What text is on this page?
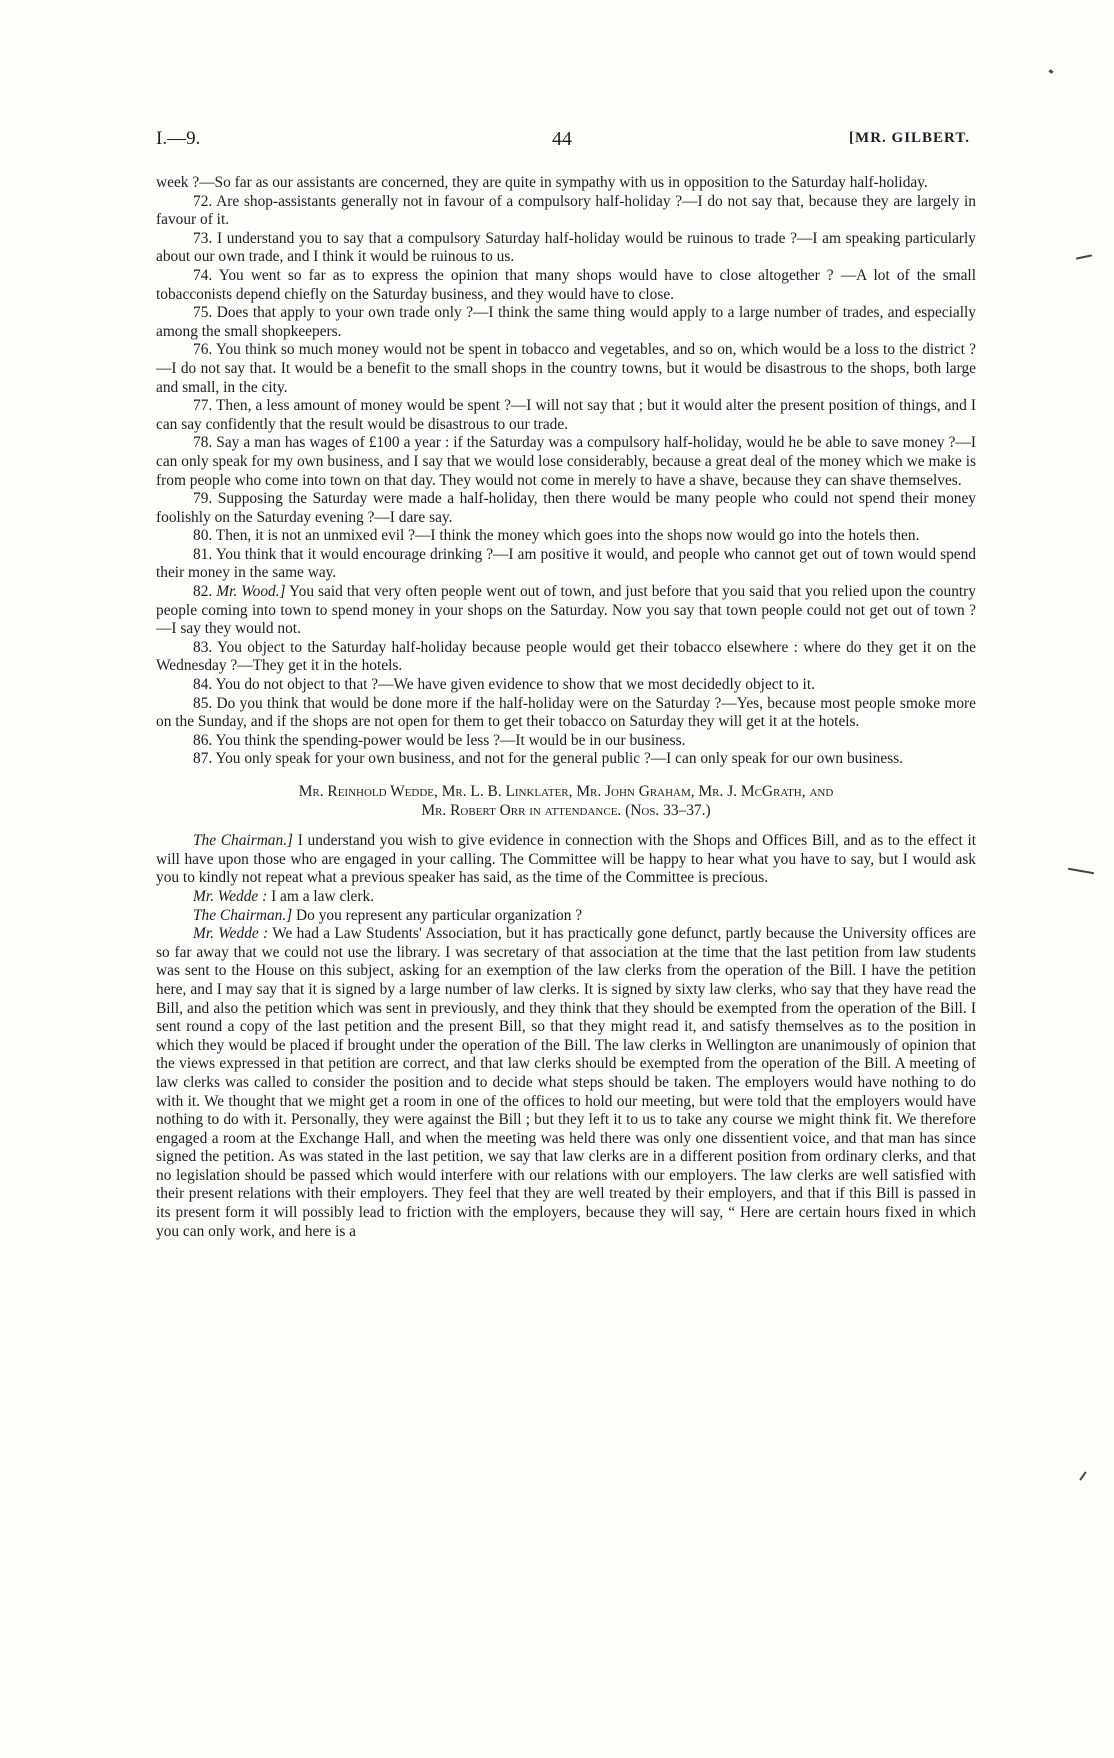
I.—9.	44	[MR. GILBERT.

week ?—So far as our assistants are concerned, they are quite in sympathy with us in opposition to the Saturday half-holiday.

72. Are shop-assistants generally not in favour of a compulsory half-holiday ?—I do not say that, because they are largely in favour of it.

73. I understand you to say that a compulsory Saturday half-holiday would be ruinous to trade ?—I am speaking particularly about our own trade, and I think it would be ruinous to us.

74. You went so far as to express the opinion that many shops would have to close altogether ? —A lot of the small tobacconists depend chiefly on the Saturday business, and they would have to close.

75. Does that apply to your own trade only ?—I think the same thing would apply to a large number of trades, and especially among the small shopkeepers.

76. You think so much money would not be spent in tobacco and vegetables, and so on, which would be a loss to the district ?—I do not say that. It would be a benefit to the small shops in the country towns, but it would be disastrous to the shops, both large and small, in the city.

77. Then, a less amount of money would be spent ?—I will not say that ; but it would alter the present position of things, and I can say confidently that the result would be disastrous to our trade.

78. Say a man has wages of £100 a year : if the Saturday was a compulsory half-holiday, would he be able to save money ?—I can only speak for my own business, and I say that we would lose considerably, because a great deal of the money which we make is from people who come into town on that day. They would not come in merely to have a shave, because they can shave themselves.

79. Supposing the Saturday were made a half-holiday, then there would be many people who could not spend their money foolishly on the Saturday evening ?—I dare say.

80. Then, it is not an unmixed evil ?—I think the money which goes into the shops now would go into the hotels then.

81. You think that it would encourage drinking ?—I am positive it would, and people who cannot get out of town would spend their money in the same way.

82. Mr. Wood.] You said that very often people went out of town, and just before that you said that you relied upon the country people coming into town to spend money in your shops on the Saturday. Now you say that town people could not get out of town ?—I say they would not.

83. You object to the Saturday half-holiday because people would get their tobacco elsewhere : where do they get it on the Wednesday ?—They get it in the hotels.

84. You do not object to that ?—We have given evidence to show that we most decidedly object to it.

85. Do you think that would be done more if the half-holiday were on the Saturday ?—Yes, because most people smoke more on the Sunday, and if the shops are not open for them to get their tobacco on Saturday they will get it at the hotels.

86. You think the spending-power would be less ?—It would be in our business.

87. You only speak for your own business, and not for the general public ?—I can only speak for our own business.

Mr. Reinhold Wedde, Mr. L. B. Linklater, Mr. John Graham, Mr. J. McGrath, and
Mr. Robert Orr in attendance. (Nos. 33–37.)

The Chairman.] I understand you wish to give evidence in connection with the Shops and Offices Bill, and as to the effect it will have upon those who are engaged in your calling. The Committee will be happy to hear what you have to say, but I would ask you to kindly not repeat what a previous speaker has said, as the time of the Committee is precious.

Mr. Wedde : I am a law clerk.

The Chairman.] Do you represent any particular organization ?

Mr. Wedde : We had a Law Students' Association, but it has practically gone defunct, partly because the University offices are so far away that we could not use the library. I was secretary of that association at the time that the last petition from law students was sent to the House on this subject, asking for an exemption of the law clerks from the operation of the Bill. I have the petition here, and I may say that it is signed by a large number of law clerks. It is signed by sixty law clerks, who say that they have read the Bill, and also the petition which was sent in previously, and they think that they should be exempted from the operation of the Bill. I sent round a copy of the last petition and the present Bill, so that they might read it, and satisfy themselves as to the position in which they would be placed if brought under the operation of the Bill. The law clerks in Wellington are unanimously of opinion that the views expressed in that petition are correct, and that law clerks should be exempted from the operation of the Bill. A meeting of law clerks was called to consider the position and to decide what steps should be taken. The employers would have nothing to do with it. We thought that we might get a room in one of the offices to hold our meeting, but were told that the employers would have nothing to do with it. Personally, they were against the Bill ; but they left it to us to take any course we might think fit. We therefore engaged a room at the Exchange Hall, and when the meeting was held there was only one dissentient voice, and that man has since signed the petition. As was stated in the last petition, we say that law clerks are in a different position from ordinary clerks, and that no legislation should be passed which would interfere with our relations with our employers. The law clerks are well satisfied with their present relations with their employers. They feel that they are well treated by their employers, and that if this Bill is passed in its present form it will possibly lead to friction with the employers, because they will say, “ Here are certain hours fixed in which you can only work, and here is a
